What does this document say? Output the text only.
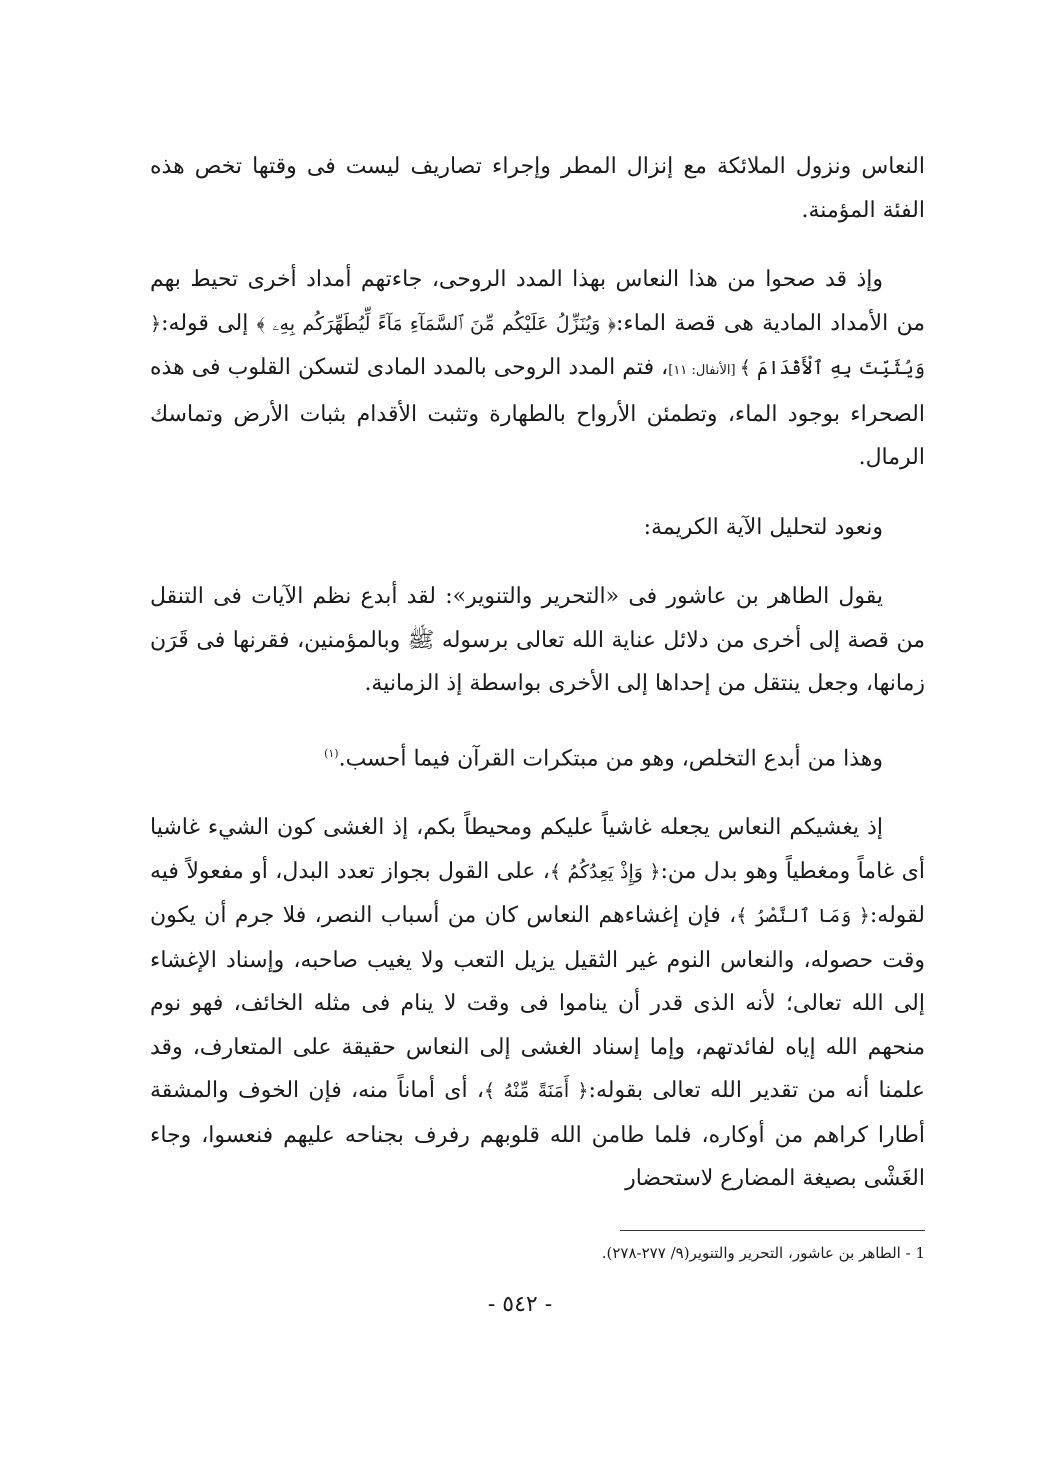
النعاس ونزول الملائكة مع إنزال المطر وإجراء تصاريف ليست فى وقتها تخص هذه الفئة المؤمنة.

وإذ قد صحوا من هذا النعاس بهذا المدد الروحى، جاءتهم أمداد أخرى تحيط بهم من الأمداد المادية هى قصة الماء:﴿ وَيُنَزِّلُ عَلَيْكُم مِّنَ ٱلسَّمَآءِ مَآءً لِّيُطَهِّرَكُم بِهِۦ ﴾ إلى قوله:﴿ وَيُثَبِّتَ بِهِ ٱلْأَقْدَامَ ﴾ [الأنفال: ١١]، فتم المدد الروحى بالمدد المادى لتسكن القلوب فى هذه الصحراء بوجود الماء، وتطمئن الأرواح بالطهارة وتثبت الأقدام بثبات الأرض وتماسك الرمال.

ونعود لتحليل الآية الكريمة:

يقول الطاهر بن عاشور فى «التحرير والتنوير»: لقد أبدع نظم الآيات فى التنقل من قصة إلى أخرى من دلائل عناية الله تعالى برسوله ﷺ وبالمؤمنين، فقرنها فى قَرَن زمانها، وجعل ينتقل من إحداها إلى الأخرى بواسطة إذ الزمانية.

وهذا من أبدع التخلص، وهو من مبتكرات القرآن فيما أحسب.$^{(١)}$

إذ يغشيكم النعاس يجعله غاشياً عليكم ومحيطاً بكم، إذ الغشى كون الشيء غاشيا أى غاماً ومغطياً وهو بدل من:﴿ وَإِذْ يَعِدُكُمُ ﴾، على القول بجواز تعدد البدل، أو مفعولاً فيه لقوله:﴿ وَمَا ٱلنَّصْرُ ﴾، فإن إغشاءهم النعاس كان من أسباب النصر، فلا جرم أن يكون وقت حصوله، والنعاس النوم غير الثقيل يزيل التعب ولا يغيب صاحبه، وإسناد الإغشاء إلى الله تعالى؛ لأنه الذى قدر أن يناموا فى وقت لا ينام فى مثله الخائف، فهو نوم منحهم الله إياه لفائدتهم، وإما إسناد الغشى إلى النعاس حقيقة على المتعارف، وقد علمنا أنه من تقدير الله تعالى بقوله:﴿ أَمَنَةً مِّنْهُ ﴾، أى أماناً منه، فإن الخوف والمشقة أطارا كراهم من أوكاره، فلما طامن الله قلوبهم رفرف بجناحه عليهم فنعسوا، وجاء الغَشْى بصيغة المضارع لاستحضار

1 - الطاهر بن عاشور، التحرير والتنوير(٩/ ٢٧٧-٢٧٨).
- ٥٤٢ -
